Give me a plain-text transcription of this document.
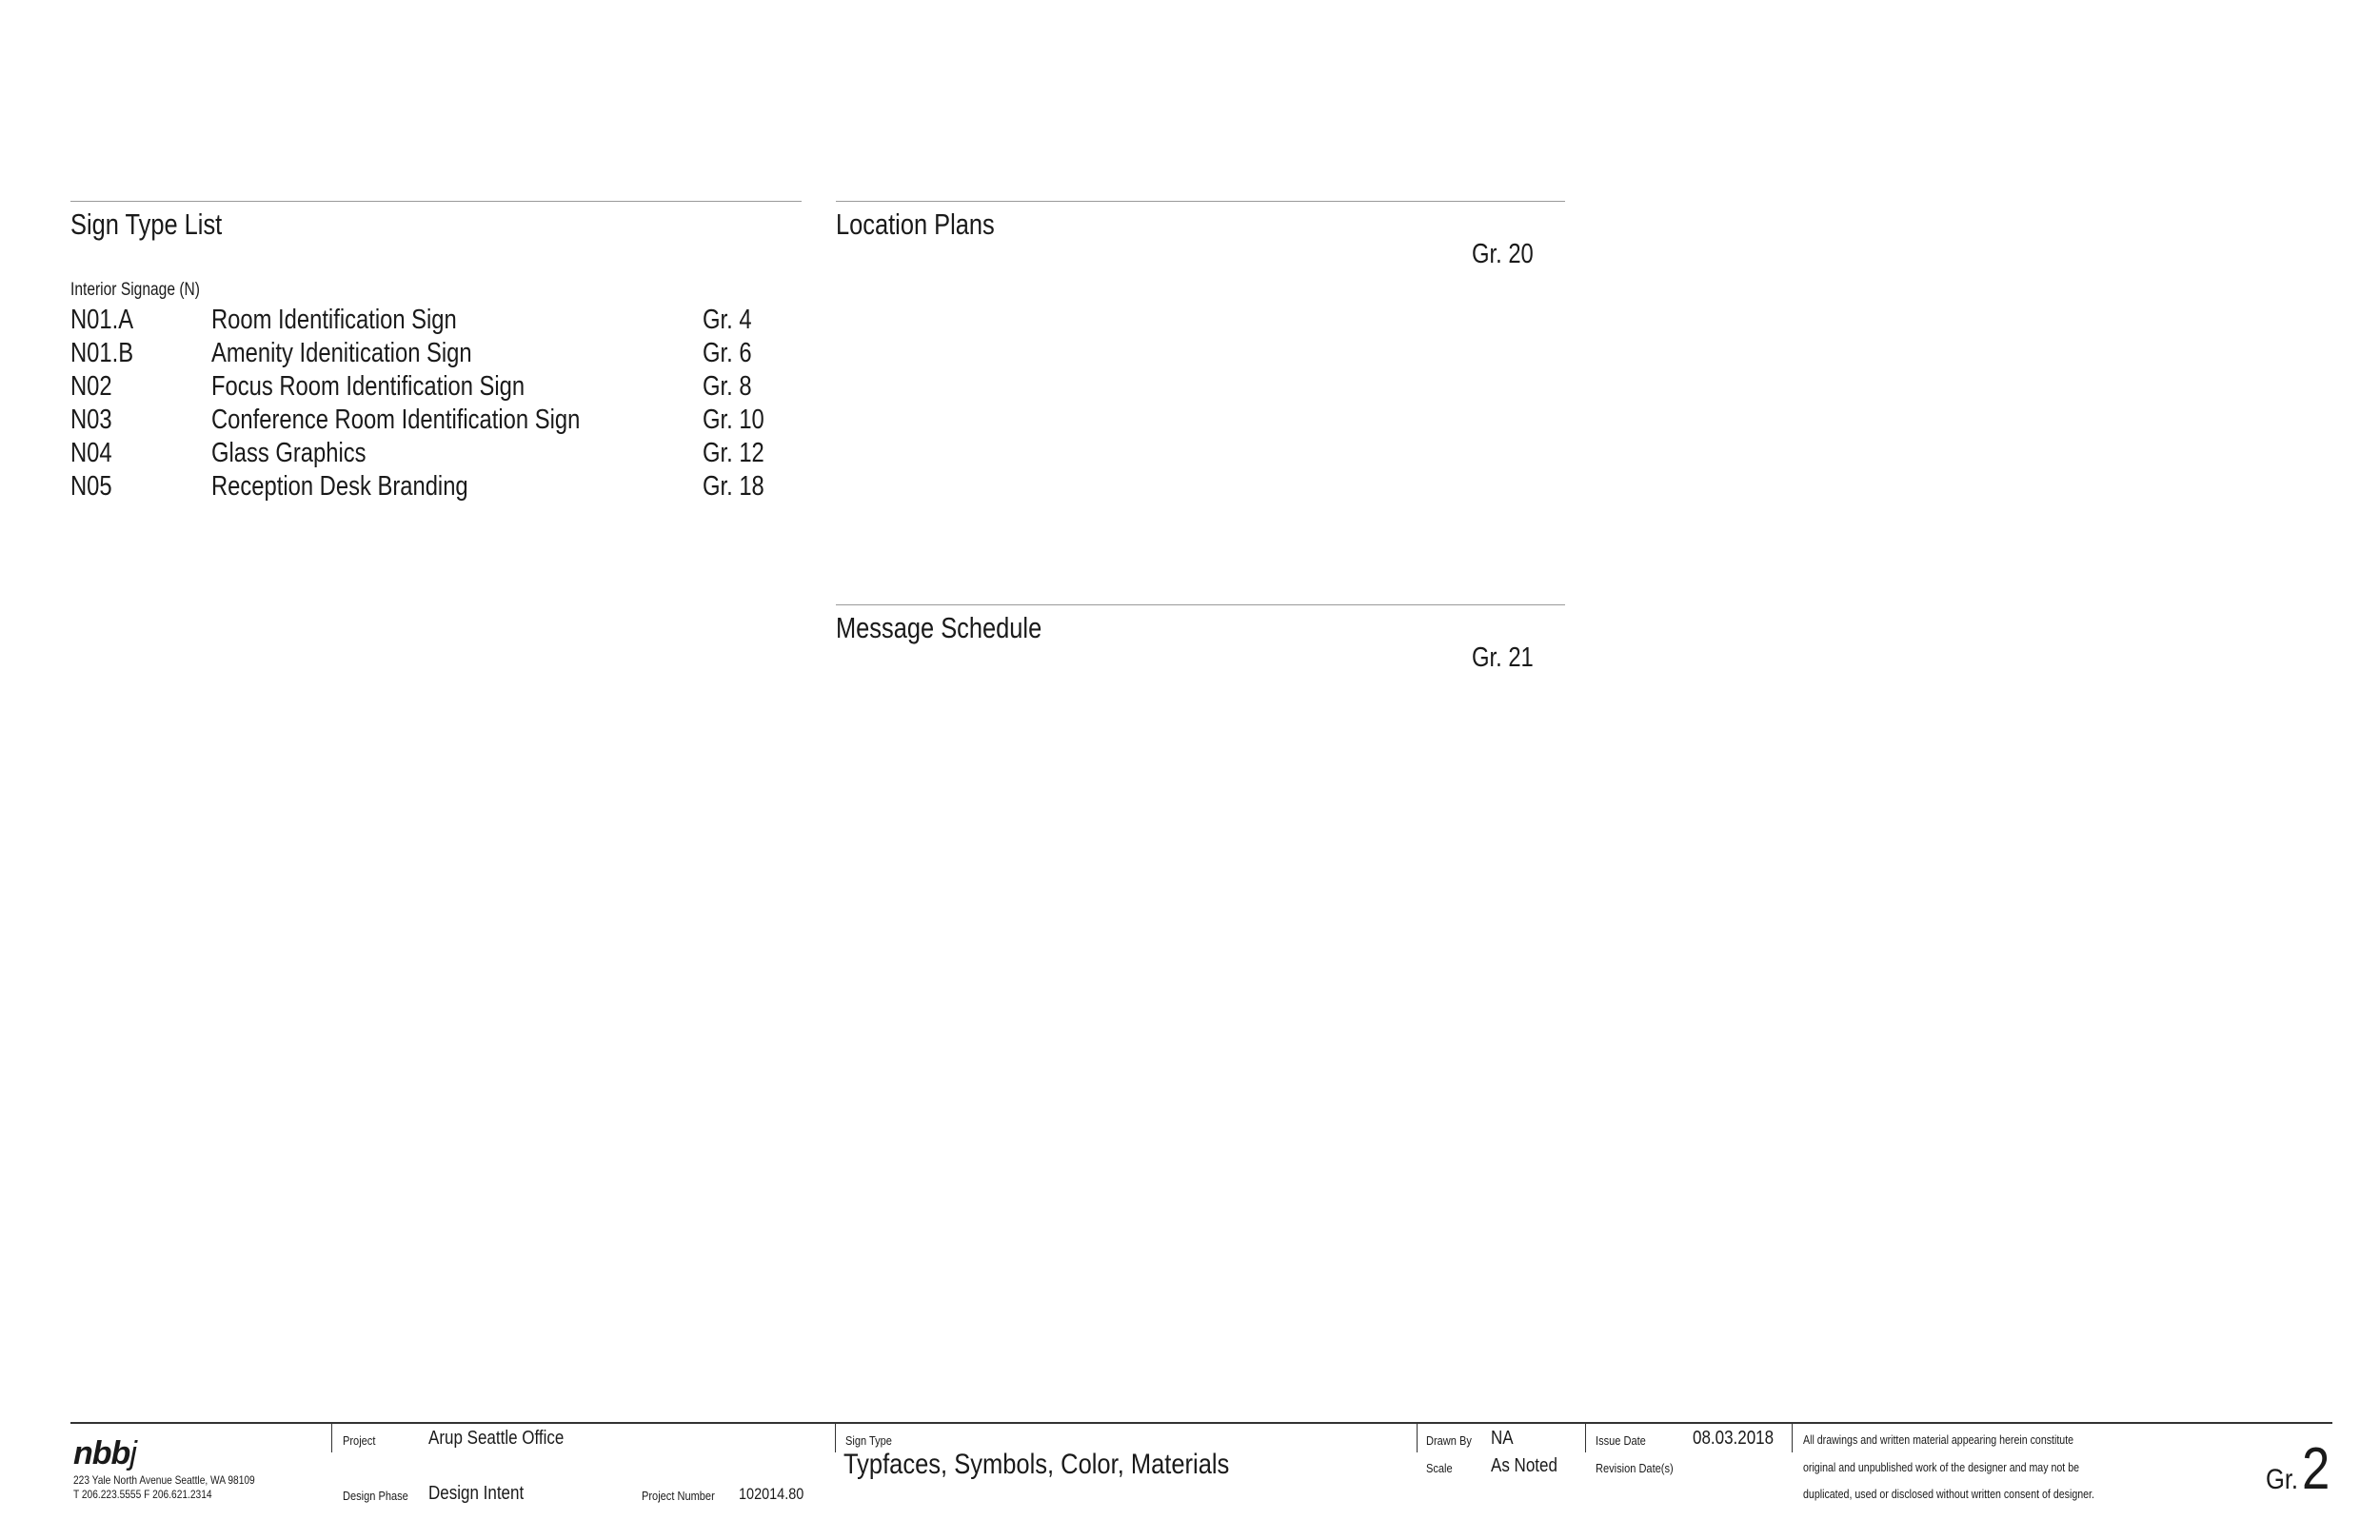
Sign Type List
Interior Signage (N)
N01.A	Room Identification Sign	Gr. 4
N01.B	Amenity Idenitication Sign	Gr. 6
N02	Focus Room Identification Sign	Gr. 8
N03	Conference Room Identification Sign	Gr. 10
N04	Glass Graphics	Gr. 12
N05	Reception Desk Branding	Gr. 18
Location Plans
Gr. 20
Message Schedule
Gr. 21
nbbj
223 Yale North Avenue Seattle, WA 98109
T 206.223.5555 F 206.621.2314
Project	Arup Seattle Office
Design Phase Design Intent	Project Number 102014.80
Sign Type
Typfaces, Symbols, Color, Materials
Drawn By NA
Scale As Noted
Issue Date 08.03.2018
Revision Date(s)
All drawings and written material appearing herein constitute
original and unpublished work of the designer and may not be
duplicated, used or disclosed without written consent of designer.	Gr. 2
